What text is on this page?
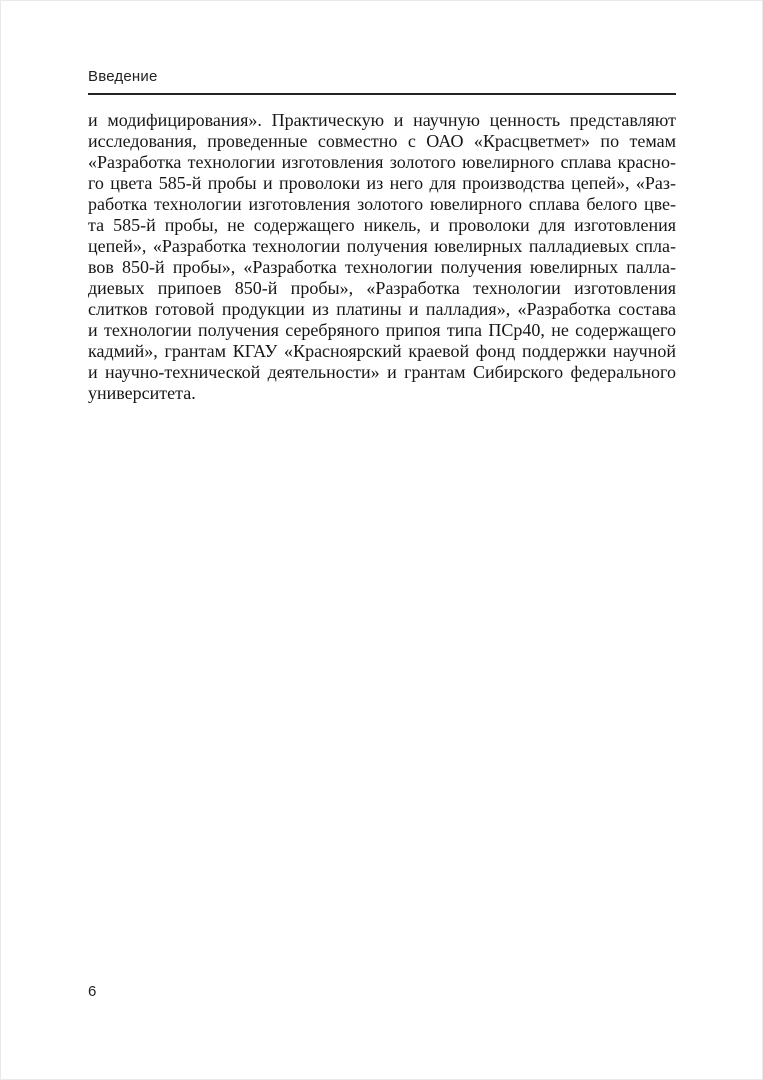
Введение

и модифицирования». Практическую и научную ценность представляют

исследования, проведенные совместно с ОАО «Красцветмет» по темам

«Разработка технологии изготовления золотого ювелирного сплава красно-

го цвета 585-й пробы и проволоки из него для производства цепей», «Раз-

работка технологии изготовления золотого ювелирного сплава белого цве-

та 585-й пробы, не содержащего никель, и проволоки для изготовления

цепей», «Разработка технологии получения ювелирных палладиевых спла-

вов 850-й пробы», «Разработка технологии получения ювелирных палла-

диевых припоев 850-й пробы», «Разработка технологии изготовления

слитков готовой продукции из платины и палладия», «Разработка состава

и технологии получения серебряного припоя типа ПСр40, не содержащего

кадмий», грантам КГАУ «Красноярский краевой фонд поддержки научной

и научно-технической деятельности» и грантам Сибирского федерального

университета.

6
